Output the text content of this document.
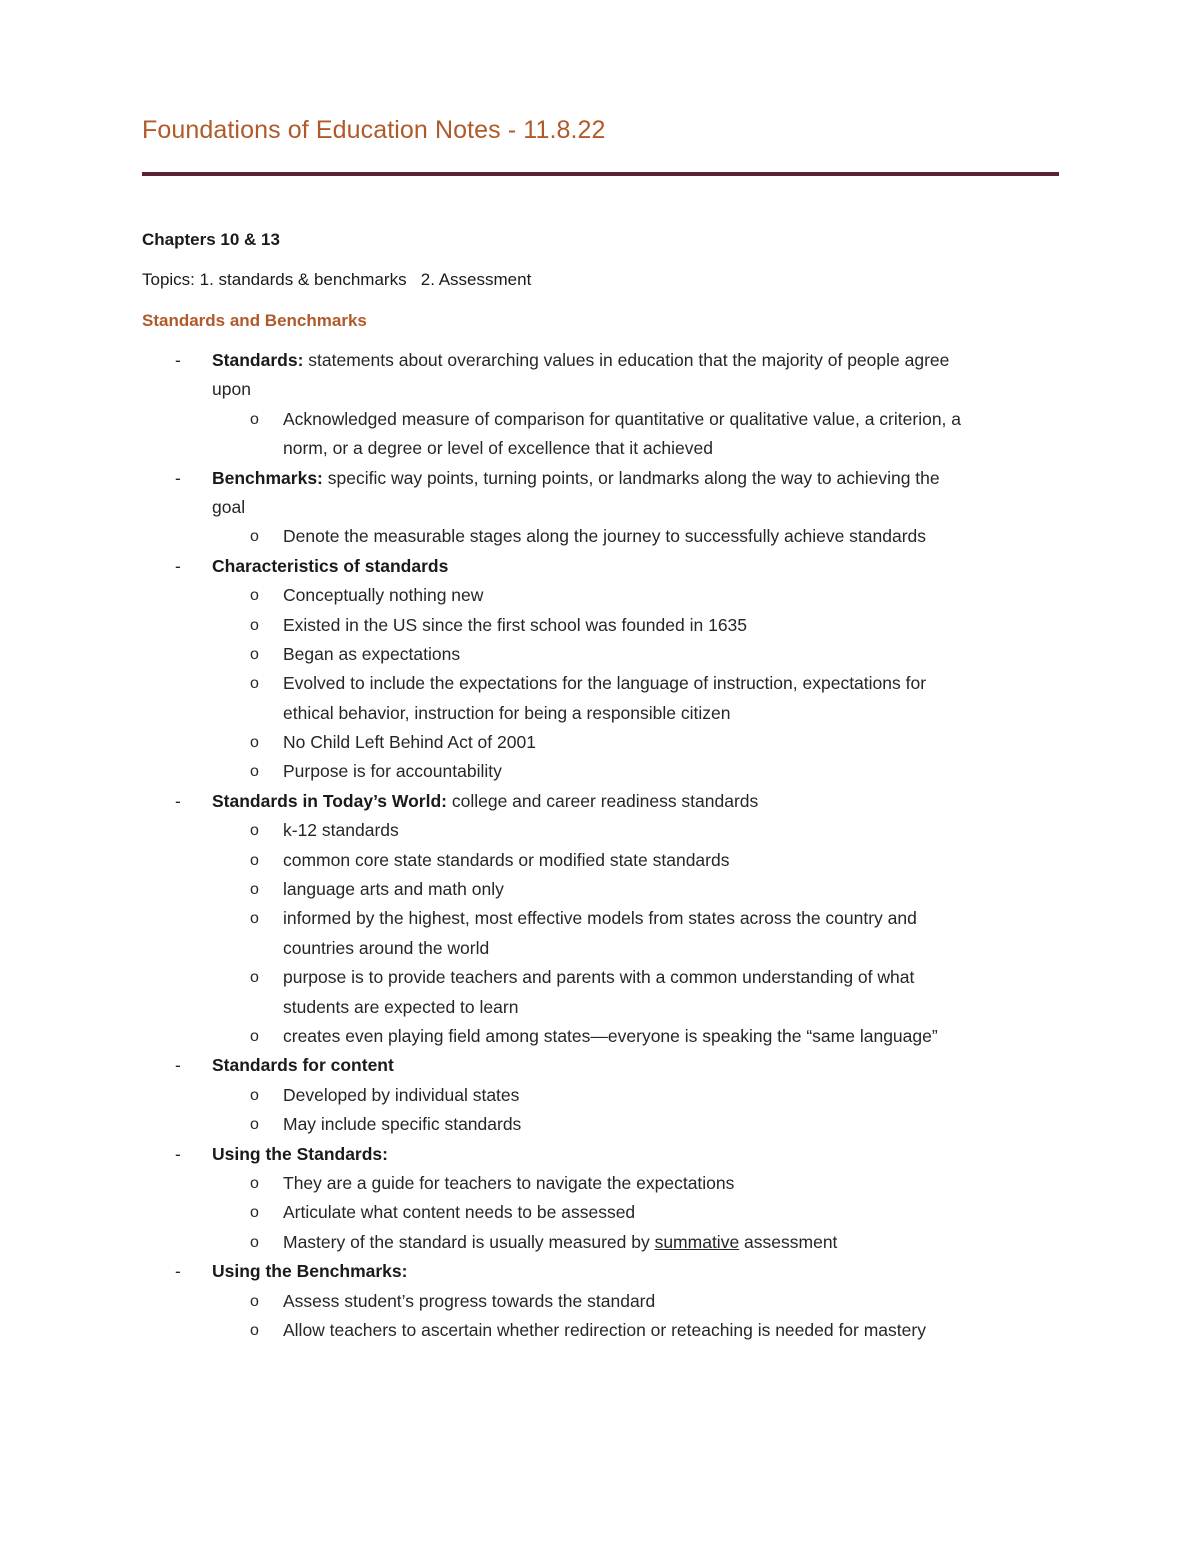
Foundations of Education Notes - 11.8.22
Chapters 10 & 13
Topics: 1. standards & benchmarks   2. Assessment
Standards and Benchmarks
- Standards: statements about overarching values in education that the majority of people agree
upon
o Acknowledged measure of comparison for quantitative or qualitative value, a criterion, a
norm, or a degree or level of excellence that it achieved
- Benchmarks: specific way points, turning points, or landmarks along the way to achieving the
goal
o Denote the measurable stages along the journey to successfully achieve standards
- Characteristics of standards
o Conceptually nothing new
o Existed in the US since the first school was founded in 1635
o Began as expectations
o Evolved to include the expectations for the language of instruction, expectations for
ethical behavior, instruction for being a responsible citizen
o No Child Left Behind Act of 2001
o Purpose is for accountability
- Standards in Today’s World: college and career readiness standards
o k-12 standards
o common core state standards or modified state standards
o language arts and math only
o informed by the highest, most effective models from states across the country and
countries around the world
o purpose is to provide teachers and parents with a common understanding of what
students are expected to learn
o creates even playing field among states—everyone is speaking the “same language”
- Standards for content
o Developed by individual states
o May include specific standards
- Using the Standards:
o They are a guide for teachers to navigate the expectations
o Articulate what content needs to be assessed
o Mastery of the standard is usually measured by summative assessment
- Using the Benchmarks:
o Assess student’s progress towards the standard
o Allow teachers to ascertain whether redirection or reteaching is needed for mastery
